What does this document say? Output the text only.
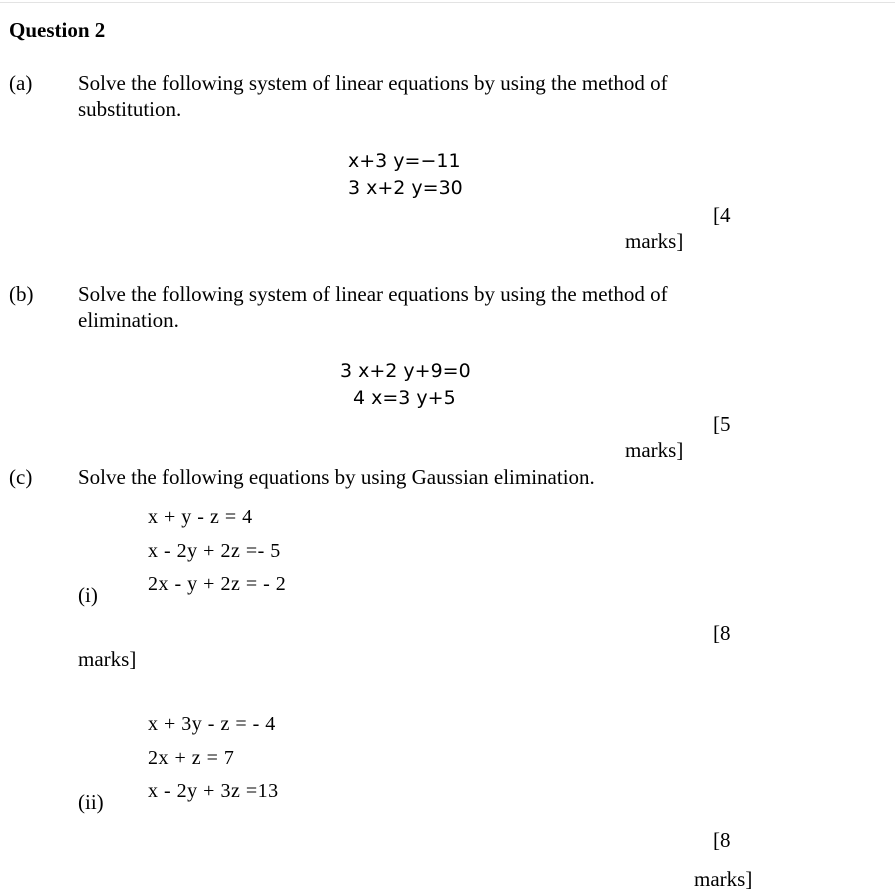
Question 2
(a) Solve the following system of linear equations by using the method of
substitution.
x+3 y=−11
3 x+2 y=30
[4
marks]
(b) Solve the following system of linear equations by using the method of
elimination.
3 x+2 y+9=0
4 x=3 y+5
[5
marks]
(c) Solve the following equations by using Gaussian elimination.
x + y - z = 4
x - 2y + 2z =- 5
2x - y + 2z = - 2
(i)
[8
marks]
x + 3y - z = - 4
2x + z = 7
x - 2y + 3z =13
(ii)
[8
marks]
